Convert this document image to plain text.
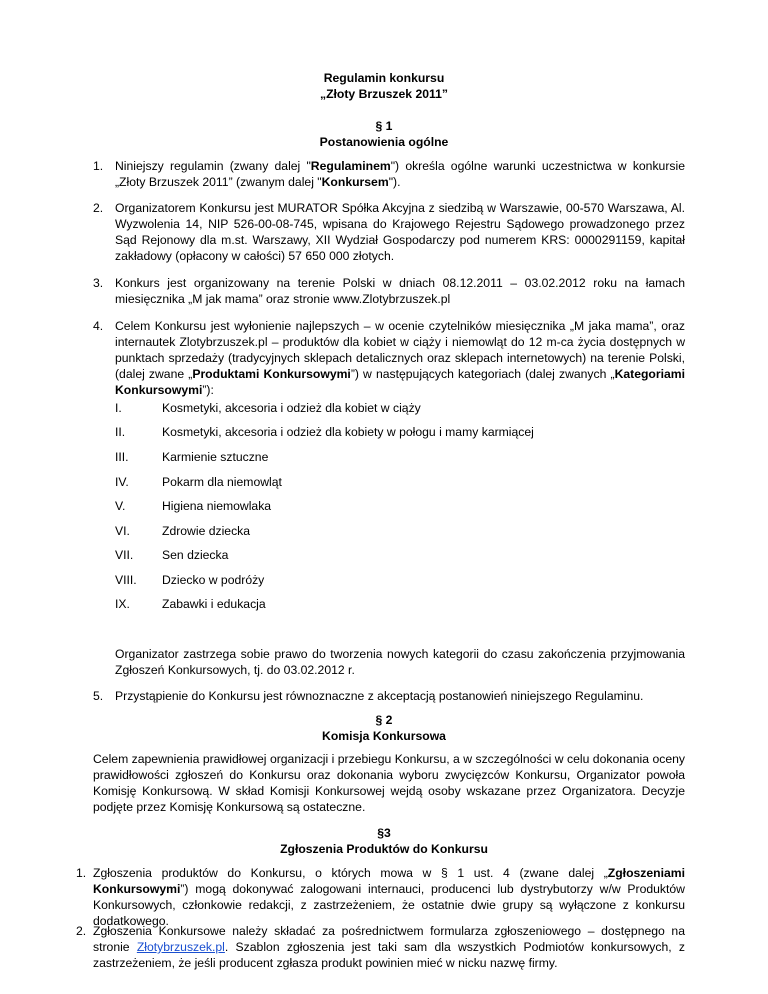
Regulamin konkursu
„Złoty Brzuszek 2011”
§ 1
Postanowienia ogólne
1. Niniejszy regulamin (zwany dalej "Regulaminem") określa ogólne warunki uczestnictwa w konkursie „Złoty Brzuszek 2011” (zwanym dalej "Konkursem").
2. Organizatorem Konkursu jest MURATOR Spółka Akcyjna z siedzibą w Warszawie, 00-570 Warszawa, Al. Wyzwolenia 14, NIP 526-00-08-745, wpisana do Krajowego Rejestru Sądowego prowadzonego przez Sąd Rejonowy dla m.st. Warszawy, XII Wydział Gospodarczy pod numerem KRS: 0000291159, kapitał zakładowy (opłacony w całości) 57 650 000 złotych.
3. Konkurs jest organizowany na terenie Polski w dniach 08.12.2011 – 03.02.2012 roku na łamach miesięcznika „M jak mama” oraz stronie www.Zlotybrzuszek.pl
4. Celem Konkursu jest wyłonienie najlepszych – w ocenie czytelników miesięcznika „M jaka mama”, oraz internautek Zlotybrzuszek.pl – produktów dla kobiet w ciąży i niemowląt do 12 m-ca życia dostępnych w punktach sprzedaży (tradycyjnych sklepach detalicznych oraz sklepach internetowych) na terenie Polski, (dalej zwane „Produktami Konkursowymi”) w następujących kategoriach (dalej zwanych „Kategoriami Konkursowymi”):
I.	Kosmetyki, akcesoria i odzież dla kobiet w ciąży
II.	Kosmetyki, akcesoria i odzież dla kobiety w połogu i mamy karmiącej
III.	Karmienie sztuczne
IV.	Pokarm dla niemowląt
V.	Higiena niemowlaka
VI.	Zdrowie dziecka
VII. Sen dziecka
VIII. Dziecko w podróży
IX.	Zabawki i edukacja
Organizator zastrzega sobie prawo do tworzenia nowych kategorii do czasu zakończenia przyjmowania Zgłoszeń Konkursowych, tj. do 03.02.2012 r.
5. Przystąpienie do Konkursu jest równoznaczne z akceptacją postanowień niniejszego Regulaminu.
§ 2
Komisja Konkursowa
Celem zapewnienia prawidłowej organizacji i przebiegu Konkursu, a w szczególności w celu dokonania oceny prawidłowości zgłoszeń do Konkursu oraz dokonania wyboru zwycięzców Konkursu, Organizator powoła Komisję Konkursową. W skład Komisji Konkursowej wejdą osoby wskazane przez Organizatora. Decyzje podjęte przez Komisję Konkursową są ostateczne.
§3
Zgłoszenia Produktów do Konkursu
1. Zgłoszenia produktów do Konkursu, o których mowa w § 1 ust. 4 (zwane dalej „Zgłoszeniami Konkursowymi”) mogą dokonywać zalogowani internauci, producenci lub dystrybutorzy w/w Produktów Konkursowych, członkowie redakcji, z zastrzeżeniem, że ostatnie dwie grupy są wyłączone z konkursu dodatkowego.
2. Zgłoszenia Konkursowe należy składać za pośrednictwem formularza zgłoszeniowego – dostępnego na stronie Złotybrzuszek.pl. Szablon zgłoszenia jest taki sam dla wszystkich Podmiotów konkursowych, z zastrzeżeniem, że jeśli producent zgłasza produkt powinien mieć w nicku nazwę firmy.
